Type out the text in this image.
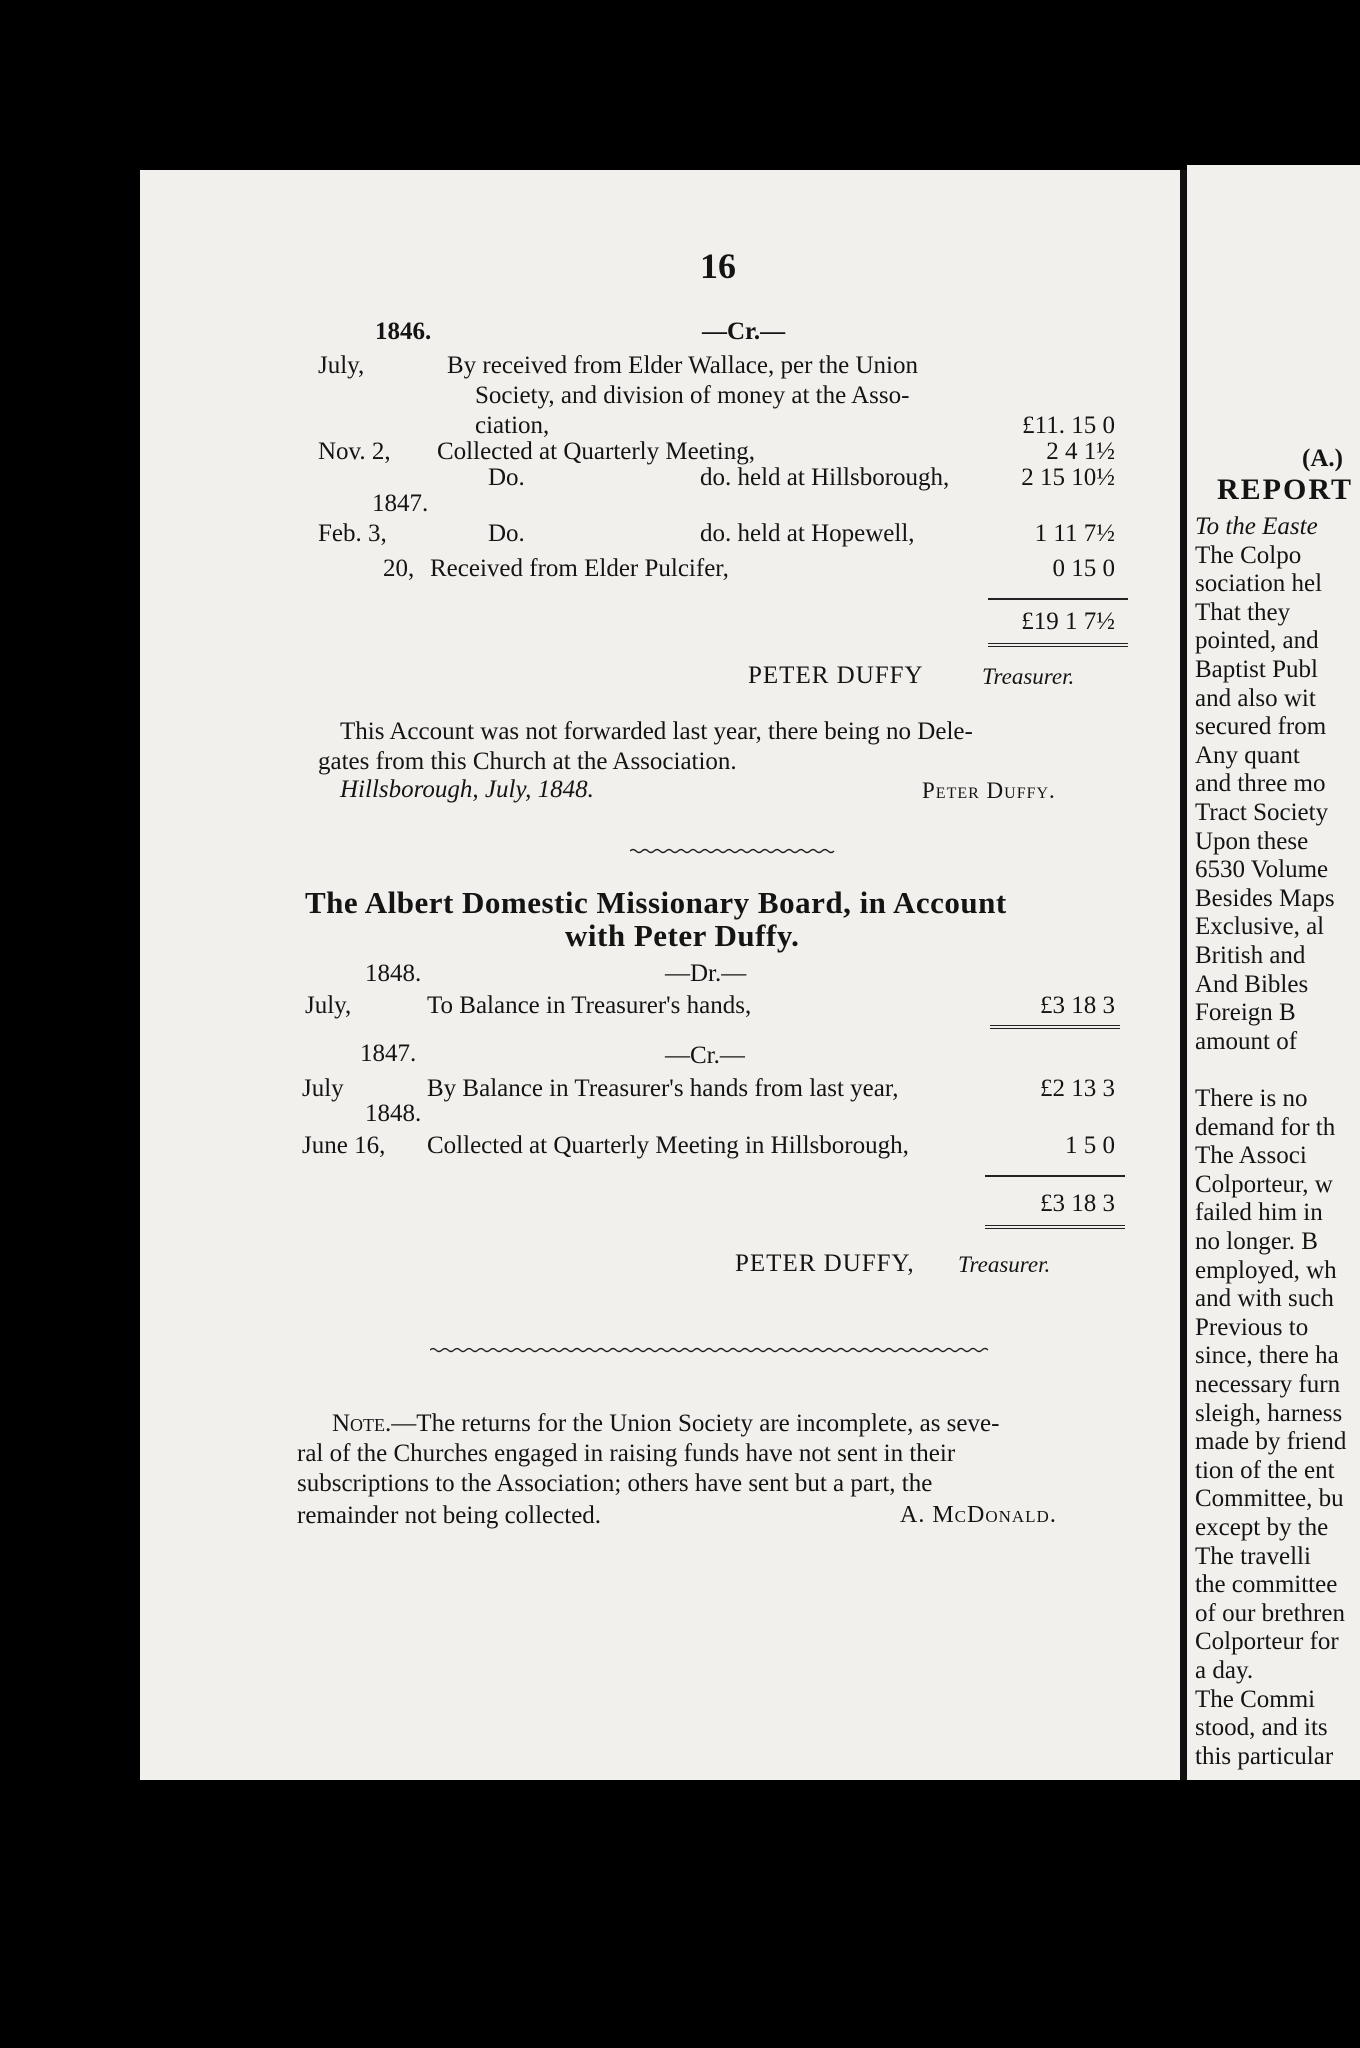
(A.)
REPORT
To the Easte
The Colpo
sociation hel
That they
pointed, and
Baptist Publ
and also wit
secured from
Any quant
and three mo
Tract Society
Upon these
6530 Volume
Besides Maps
Exclusive, al
British and
And Bibles
Foreign B
amount of
There is no
demand for th
The Associ
Colporteur, w
failed him in
no longer. B
employed, wh
and with such
Previous to
since, there ha
necessary furn
sleigh, harness
made by friend
tion of the ent
Committee, bu
except by the
The travelli
the committee
of our brethren
Colporteur for
a day.
The Commi
stood, and its
this particular
16
1846.	—Cr.—
July,	By received from Elder Wallace, per the Union
Society, and division of money at the Asso-
ciation,	£11. 15 0
Nov. 2, Collected at Quarterly Meeting,	2 4 1½
Do.	do. held at Hillsborough,	2 15 10½
1847.
Feb. 3,	Do.	do. held at Hopewell,	1 11 7½
20, Received from Elder Pulcifer,	0 15 0
£19 1 7½
PETER DUFFY	Treasurer.
This Account was not forwarded last year, there being no Dele-
gates from this Church at the Association.
Hillsborough, July, 1848.	Peter Duffy.
The Albert Domestic Missionary Board, in Account
with Peter Duffy.
1848.	—Dr.—
July,	To Balance in Treasurer's hands,	£3 18 3
1847.	—Cr.—
July	By Balance in Treasurer's hands from last year,	£2 13 3
1848.
June 16, Collected at Quarterly Meeting in Hillsborough,	1 5 0
£3 18 3
PETER DUFFY, Treasurer.
Note.—The returns for the Union Society are incomplete, as seve-
ral of the Churches engaged in raising funds have not sent in their
subscriptions to the Association; others have sent but a part, the
remainder not being collected.	A. McDonald.
